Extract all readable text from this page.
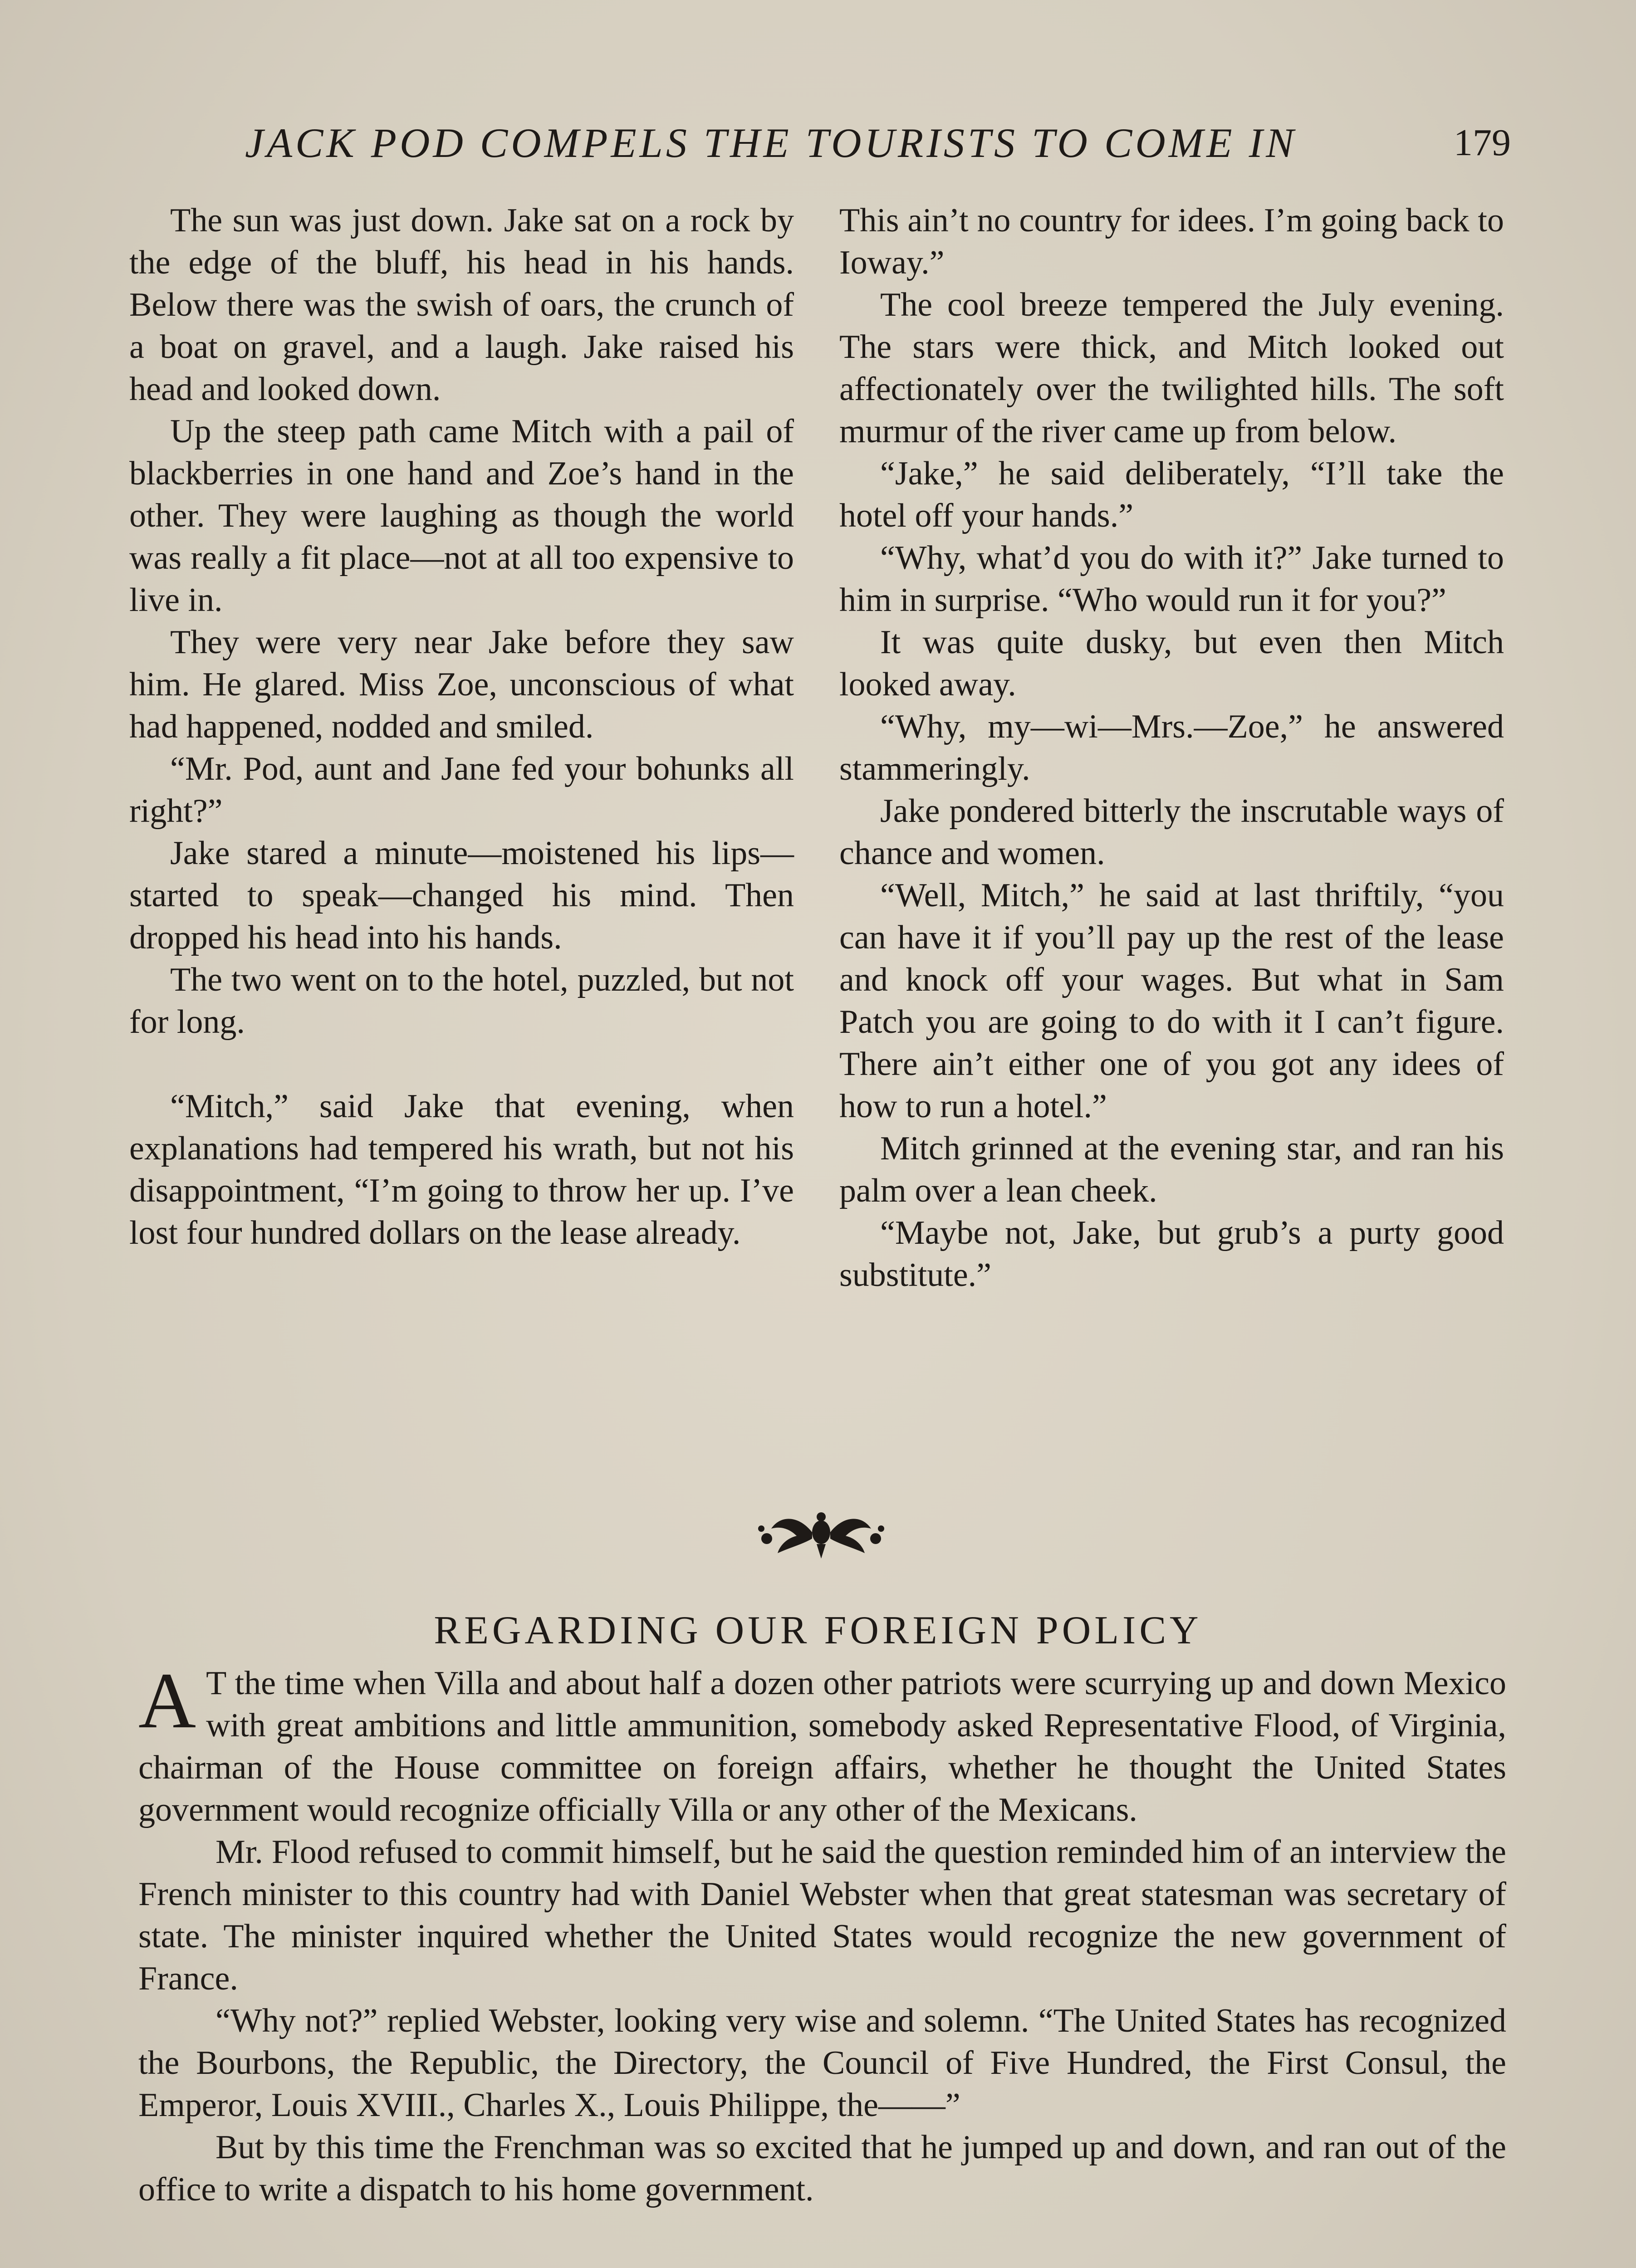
JACK POD COMPELS THE TOURISTS TO COME IN	179

The sun was just down. Jake sat on a rock by the edge of the bluff, his head in his hands. Below there was the swish of oars, the crunch of a boat on gravel, and a laugh. Jake raised his head and looked down.

Up the steep path came Mitch with a pail of blackberries in one hand and Zoe’s hand in the other. They were laughing as though the world was really a fit place—not at all too expensive to live in.

They were very near Jake before they saw him. He glared. Miss Zoe, unconscious of what had happened, nodded and smiled.

“Mr. Pod, aunt and Jane fed your bohunks all right?”

Jake stared a minute—moistened his lips—started to speak—changed his mind. Then dropped his head into his hands.

The two went on to the hotel, puzzled, but not for long.

“Mitch,” said Jake that evening, when explanations had tempered his wrath, but not his disappointment, “I’m going to throw her up. I’ve lost four hundred dollars on the lease already.

This ain’t no country for idees. I’m going back to Ioway.”

The cool breeze tempered the July evening. The stars were thick, and Mitch looked out affectionately over the twilighted hills. The soft murmur of the river came up from below.

“Jake,” he said deliberately, “I’ll take the hotel off your hands.”

“Why, what’d you do with it?” Jake turned to him in surprise. “Who would run it for you?”

It was quite dusky, but even then Mitch looked away.

“Why, my—wi—Mrs.—Zoe,” he answered stammeringly.

Jake pondered bitterly the inscrutable ways of chance and women.

“Well, Mitch,” he said at last thriftily, “you can have it if you’ll pay up the rest of the lease and knock off your wages. But what in Sam Patch you are going to do with it I can’t figure. There ain’t either one of you got any idees of how to run a hotel.”

Mitch grinned at the evening star, and ran his palm over a lean cheek.

“Maybe not, Jake, but grub’s a purty good substitute.”

REGARDING OUR FOREIGN POLICY

A T the time when Villa and about half a dozen other patriots were scurrying up and down Mexico with great ambitions and little ammunition, somebody asked Representative Flood, of Virginia, chairman of the House committee on foreign affairs, whether he thought the United States government would recognize officially Villa or any other of the Mexicans.

Mr. Flood refused to commit himself, but he said the question reminded him of an interview the French minister to this country had with Daniel Webster when that great statesman was secretary of state. The minister inquired whether the United States would recognize the new government of France.

“Why not?” replied Webster, looking very wise and solemn. “The United States has recognized the Bourbons, the Republic, the Directory, the Council of Five Hundred, the First Consul, the Emperor, Louis XVIII., Charles X., Louis Philippe, the——”

But by this time the Frenchman was so excited that he jumped up and down, and ran out of the office to write a dispatch to his home government.
